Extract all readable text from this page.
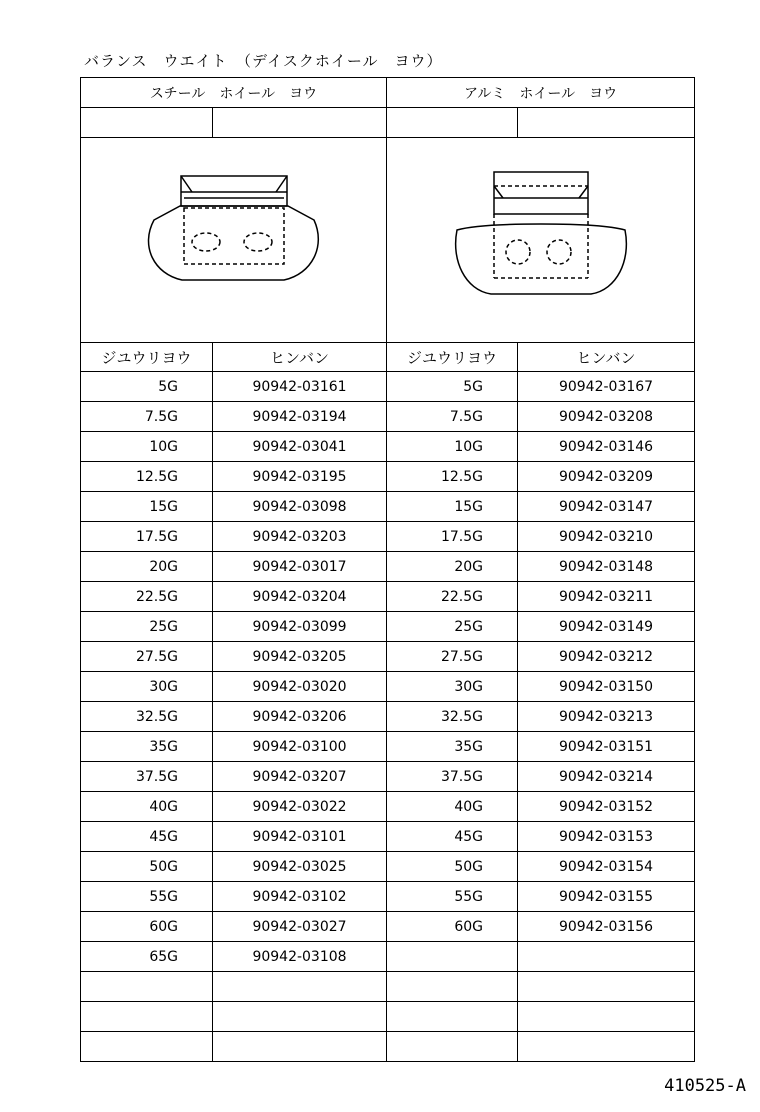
バランス　ウエイト　（デイスクホイール　ヨウ）
スチール　ホイール　ヨウ		アルミ　ホイール　ヨウ	

ジユウリヨウ	ヒンバン	ジユウリヨウ	ヒンバン
5G	90942-03161	5G	90942-03167
7.5G	90942-03194	7.5G	90942-03208
10G	90942-03041	10G	90942-03146
12.5G	90942-03195	12.5G	90942-03209
15G	90942-03098	15G	90942-03147
17.5G	90942-03203	17.5G	90942-03210
20G	90942-03017	20G	90942-03148
22.5G	90942-03204	22.5G	90942-03211
25G	90942-03099	25G	90942-03149
27.5G	90942-03205	27.5G	90942-03212
30G	90942-03020	30G	90942-03150
32.5G	90942-03206	32.5G	90942-03213
35G	90942-03100	35G	90942-03151
37.5G	90942-03207	37.5G	90942-03214
40G	90942-03022	40G	90942-03152
45G	90942-03101	45G	90942-03153
50G	90942-03025	50G	90942-03154
55G	90942-03102	55G	90942-03155
60G	90942-03027	60G	90942-03156
65G	90942-03108		

410525-A
